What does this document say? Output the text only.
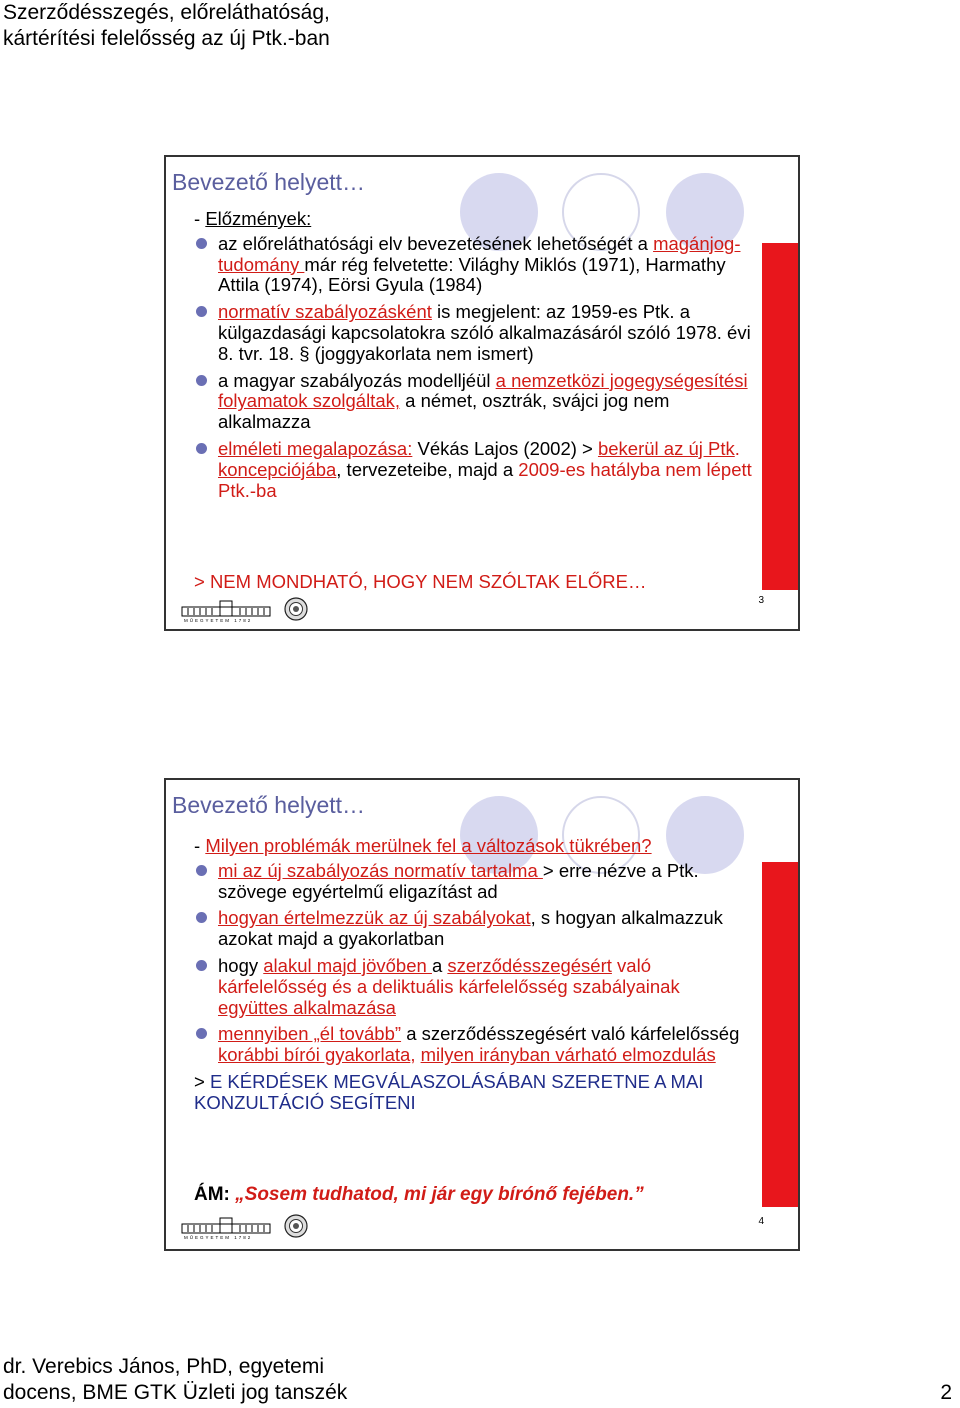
Szerződésszegés, előreláthatóság,
kártérítési felelősség az új Ptk.-ban
Bevezető helyett…
- Előzmények:
az előreláthatósági elv bevezetésének lehetőségét a magánjog-tudomány már rég felvetette: Világhy Miklós (1971), Harmathy Attila (1974), Eörsi Gyula (1984)
normatív szabályozásként is megjelent: az 1959-es Ptk. a külgazdasági kapcsolatokra szóló alkalmazásáról szóló 1978. évi 8. tvr. 18. § (joggyakorlata nem ismert)
a magyar szabályozás modelljéül a nemzetközi jogegységesítési folyamatok szolgáltak, a német, osztrák, svájci jog nem alkalmazza
elméleti megalapozása: Vékás Lajos (2002) > bekerül az új Ptk. koncepciójába, tervezeteibe, majd a 2009-es hatályba nem lépett Ptk.-ba
> NEM MONDHATÓ, HOGY NEM SZÓLTAK ELŐRE…
MŰEGYETEM 1782
3
Bevezető helyett…
- Milyen problémák merülnek fel a változások tükrében?
mi az új szabályozás normatív tartalma > erre nézve a Ptk. szövege egyértelmű eligazítást ad
hogyan értelmezzük az új szabályokat, s hogyan alkalmazzuk azokat majd a gyakorlatban
hogy alakul majd jövőben a szerződésszegésért való kárfelelősség és a deliktuális kárfelelősség szabályainak együttes alkalmazása
mennyiben „él tovább” a szerződésszegésért való kárfelelősség korábbi bírói gyakorlata, milyen irányban várható elmozdulás
> E KÉRDÉSEK MEGVÁLASZOLÁSÁBAN SZERETNE A MAI KONZULTÁCIÓ SEGÍTENI
ÁM: „Sosem tudhatod, mi jár egy bírónő fejében.”
MŰEGYETEM 1782
4
dr. Verebics János, PhD, egyetemi
docens, BME GTK Üzleti jog tanszék	2
